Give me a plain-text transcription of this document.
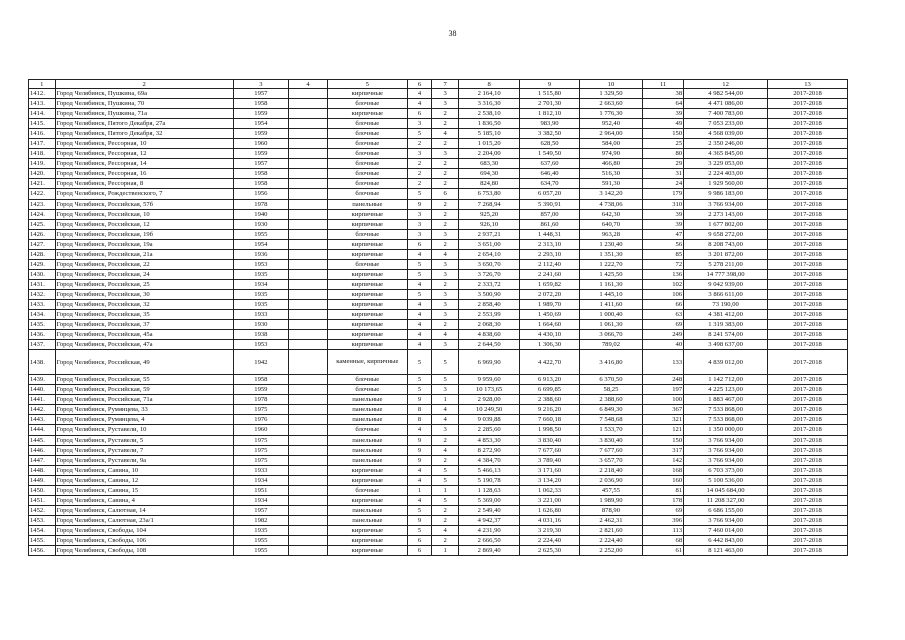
38
1	2	3	4	5	6	7	8	9	10	11	12	13
1412.	Город Челябинск, Пушкина, 69а	1957		кирпичные	4	3	2 164,10	1 515,80	1 329,50	38	4 982 544,00	2017-2018
1413.	Город Челябинск, Пушкина, 70	1958		блочные	4	3	3 316,30	2 701,30	2 663,60	64	4 471 086,00	2017-2018
1414.	Город Челябинск, Пушкина, 71а	1959		кирпичные	6	2	2 538,10	1 812,10	1 776,30	39	7 400 783,00	2017-2018
1415.	Город Челябинск, Пятого Декабря, 27а	1954		блочные	3	2	1 836,50	983,90	952,40	49	7 053 233,00	2017-2018
1416.	Город Челябинск, Пятого Декабря, 32	1959		блочные	5	4	5 185,10	3 382,50	2 964,00	150	4 568 039,00	2017-2018
1417.	Город Челябинск, Рессорная, 10	1960		блочные	2	2	1 015,20	628,50	584,00	25	2 350 246,00	2017-2018
1418.	Город Челябинск, Рессорная, 12	1959		блочные	3	3	2 204,00	1 549,50	974,90	80	4 365 845,00	2017-2018
1419.	Город Челябинск, Рессорная, 14	1957		блочные	2	2	683,30	637,60	466,80	29	3 229 053,00	2017-2018
1420.	Город Челябинск, Рессорная, 16	1958		блочные	2	2	694,30	646,40	516,30	31	2 224 403,00	2017-2018
1421.	Город Челябинск, Рессорная, 8	1958		блочные	2	2	824,80	634,70	591,30	24	1 929 560,00	2017-2018
1422.	Город Челябинск, Рождественского, 7	1956		блочные	5	6	6 753,80	6 057,20	3 142,20	179	9 986 183,00	2017-2018
1423.	Город Челябинск, Российская, 57б	1978		панельные	9	2	7 268,94	5 390,91	4 738,06	310	3 766 934,00	2017-2018
1424.	Город Челябинск, Российская, 10	1940		кирпичные	3	2	925,20	857,00	642,30	39	2 273 143,00	2017-2018
1425.	Город Челябинск, Российская, 12	1930		кирпичные	3	2	926,10	861,60	640,70	39	1 677 802,00	2017-2018
1426.	Город Челябинск, Российская, 19б	1955		блочные	3	3	2 937,21	1 448,31	963,28	47	9 658 272,00	2017-2018
1427.	Город Челябинск, Российская, 19а	1954		кирпичные	6	2	3 651,00	2 313,10	1 230,40	56	8 208 743,00	2017-2018
1428.	Город Челябинск, Российская, 21а	1936		кирпичные	4	4	2 654,10	2 293,10	1 351,30	85	3 201 872,00	2017-2018
1429.	Город Челябинск, Российская, 22	1953		блочные	5	3	3 650,70	2 112,40	1 222,70	72	5 278 211,00	2017-2018
1430.	Город Челябинск, Российская, 24	1935		кирпичные	5	3	3 726,70	2 241,60	1 425,50	136	14 777 398,00	2017-2018
1431.	Город Челябинск, Российская, 25	1934		кирпичные	4	2	2 333,72	1 659,82	1 161,30	102	9 042 939,00	2017-2018
1432.	Город Челябинск, Российская, 30	1935		кирпичные	5	3	3 500,90	2 072,20	1 445,10	106	3 866 611,00	2017-2018
1433.	Город Челябинск, Российская, 32	1935		кирпичные	4	3	2 858,40	1 989,70	1 411,60	66	73 190,00	2017-2018
1434.	Город Челябинск, Российская, 35	1933		кирпичные	4	3	2 553,99	1 450,69	1 000,40	63	4 381 412,00	2017-2018
1435.	Город Челябинск, Российская, 37	1930		кирпичные	4	2	2 068,30	1 664,60	1 061,30	69	1 319 383,00	2017-2018
1436.	Город Челябинск, Российская, 45а	1938		кирпичные	4	4	4 838,60	4 430,10	3 066,70	249	8 241 574,00	2017-2018
1437.	Город Челябинск, Российская, 47а	1953		кирпичные	4	3	2 644,50	1 306,30	789,02	40	3 498 637,00	2017-2018
1438.	Город Челябинск, Российская, 49	1942		каменные, кирпичные	5	5	6 969,90	4 422,70	3 416,80	133	4 839 012,00	2017-2018
1439.	Город Челябинск, Российская, 55	1958		блочные	5	5	9 959,60	6 913,20	6 370,50	248	1 142 712,00	2017-2018
1440.	Город Челябинск, Российская, 59	1959		блочные	5	3	10 173,65	6 699,85	58,25	197	4 225 123,00	2017-2018
1441.	Город Челябинск, Российская, 71а	1978		панельные	9	1	2 928,00	2 388,60	2 388,60	100	1 883 467,00	2017-2018
1442.	Город Челябинск, Румянцева, 33	1975		панельные	8	4	10 249,50	9 216,20	6 849,30	367	7 533 868,00	2017-2018
1443.	Город Челябинск, Румянцева, 4	1976		панельные	8	4	9 039,88	7 660,18	7 548,68	321	7 533 868,00	2017-2018
1444.	Город Челябинск, Руставели, 10	1960		блочные	4	3	2 285,60	1 998,50	1 533,70	121	1 350 000,00	2017-2018
1445.	Город Челябинск, Руставели, 5	1975		панельные	9	2	4 853,30	3 830,40	3 830,40	150	3 766 934,00	2017-2018
1446.	Город Челябинск, Руставели, 7	1975		панельные	9	4	8 272,90	7 677,60	7 677,60	317	3 766 934,00	2017-2018
1447.	Город Челябинск, Руставели, 9а	1975		панельные	9	2	4 384,70	3 789,40	3 657,70	142	3 766 934,00	2017-2018
1448.	Город Челябинск, Савина, 10	1933		кирпичные	4	5	5 466,13	3 171,60	2 218,40	168	6 703 373,00	2017-2018
1449.	Город Челябинск, Савина, 12	1934		кирпичные	4	5	5 190,78	3 134,20	2 036,90	160	5 100 536,00	2017-2018
1450.	Город Челябинск, Савина, 15	1951		блочные	1	1	1 128,63	1 062,33	457,55	81	14 045 684,00	2017-2018
1451.	Город Челябинск, Савина, 4	1934		кирпичные	4	5	5 369,00	3 221,00	1 989,90	178	11 208 327,00	2017-2018
1452.	Город Челябинск, Салютная, 14	1957		панельные	5	2	2 549,40	1 626,80	878,90	69	6 686 155,00	2017-2018
1453.	Город Челябинск, Салютная, 23а/1	1982		панельные	9	2	4 942,37	4 031,16	2 462,31	396	3 766 934,00	2017-2018
1454.	Город Челябинск, Свободы, 104	1935		кирпичные	5	4	4 231,90	3 219,30	2 821,60	113	7 460 014,00	2017-2018
1455.	Город Челябинск, Свободы, 106	1955		кирпичные	6	2	2 666,50	2 224,40	2 224,40	68	6 442 843,00	2017-2018
1456.	Город Челябинск, Свободы, 108	1955		кирпичные	6	1	2 869,40	2 625,30	2 252,00	61	8 121 463,00	2017-2018
